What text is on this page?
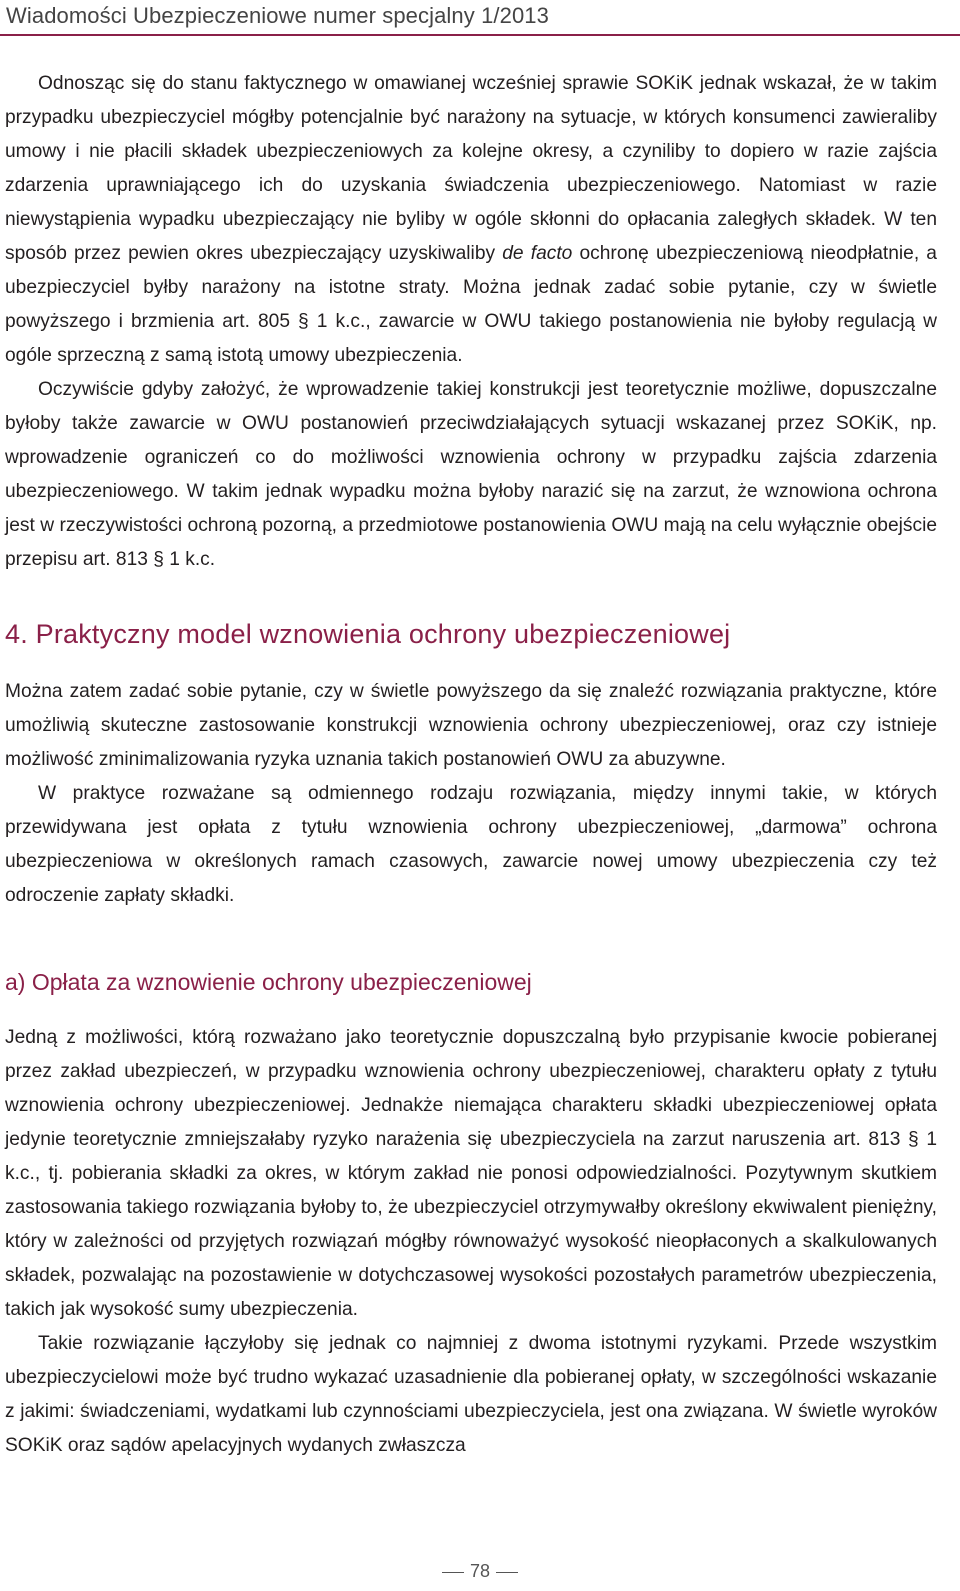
Wiadomości Ubezpieczeniowe numer specjalny 1/2013

Odnosząc się do stanu faktycznego w omawianej wcześniej sprawie SOKiK jednak wskazał, że w takim przypadku ubezpieczyciel mógłby potencjalnie być narażony na sytuacje, w których konsumenci zawieraliby umowy i nie płacili składek ubezpieczeniowych za kolejne okresy, a czyniliby to dopiero w razie zajścia zdarzenia uprawniającego ich do uzyskania świadczenia ubezpieczeniowego. Natomiast w razie niewystąpienia wypadku ubezpieczający nie byliby w ogóle skłonni do opłacania zaległych składek. W ten sposób przez pewien okres ubezpieczający uzyskiwaliby de facto ochronę ubezpieczeniową nieodpłatnie, a ubezpieczyciel byłby narażony na istotne straty. Można jednak zadać sobie pytanie, czy w świetle powyższego i brzmienia art. 805 § 1 k.c., zawarcie w OWU takiego postanowienia nie byłoby regulacją w ogóle sprzeczną z samą istotą umowy ubezpieczenia.

Oczywiście gdyby założyć, że wprowadzenie takiej konstrukcji jest teoretycznie możliwe, dopuszczalne byłoby także zawarcie w OWU postanowień przeciwdziałających sytuacji wskazanej przez SOKiK, np. wprowadzenie ograniczeń co do możliwości wznowienia ochrony w przypadku zajścia zdarzenia ubezpieczeniowego. W takim jednak wypadku można byłoby narazić się na zarzut, że wznowiona ochrona jest w rzeczywistości ochroną pozorną, a przedmiotowe postanowienia OWU mają na celu wyłącznie obejście przepisu art. 813 § 1 k.c.

4. Praktyczny model wznowienia ochrony ubezpieczeniowej

Można zatem zadać sobie pytanie, czy w świetle powyższego da się znaleźć rozwiązania praktyczne, które umożliwią skuteczne zastosowanie konstrukcji wznowienia ochrony ubezpieczeniowej, oraz czy istnieje możliwość zminimalizowania ryzyka uznania takich postanowień OWU za abuzywne.

W praktyce rozważane są odmiennego rodzaju rozwiązania, między innymi takie, w których przewidywana jest opłata z tytułu wznowienia ochrony ubezpieczeniowej, „darmowa” ochrona ubezpieczeniowa w określonych ramach czasowych, zawarcie nowej umowy ubezpieczenia czy też odroczenie zapłaty składki.

a) Opłata za wznowienie ochrony ubezpieczeniowej

Jedną z możliwości, którą rozważano jako teoretycznie dopuszczalną było przypisanie kwocie pobieranej przez zakład ubezpieczeń, w przypadku wznowienia ochrony ubezpieczeniowej, charakteru opłaty z tytułu wznowienia ochrony ubezpieczeniowej. Jednakże niemająca charakteru składki ubezpieczeniowej opłata jedynie teoretycznie zmniejszałaby ryzyko narażenia się ubezpieczyciela na zarzut naruszenia art. 813 § 1 k.c., tj. pobierania składki za okres, w którym zakład nie ponosi odpowiedzialności. Pozytywnym skutkiem zastosowania takiego rozwiązania byłoby to, że ubezpieczyciel otrzymywałby określony ekwiwalent pieniężny, który w zależności od przyjętych rozwiązań mógłby równoważyć wysokość nieopłaconych a skalkulowanych składek, pozwalając na pozostawienie w dotychczasowej wysokości pozostałych parametrów ubezpieczenia, takich jak wysokość sumy ubezpieczenia.

Takie rozwiązanie łączyłoby się jednak co najmniej z dwoma istotnymi ryzykami. Przede wszystkim ubezpieczycielowi może być trudno wykazać uzasadnienie dla pobieranej opłaty, w szczególności wskazanie z jakimi: świadczeniami, wydatkami lub czynnościami ubezpieczyciela, jest ona związana. W świetle wyroków SOKiK oraz sądów apelacyjnych wydanych zwłaszcza

78
